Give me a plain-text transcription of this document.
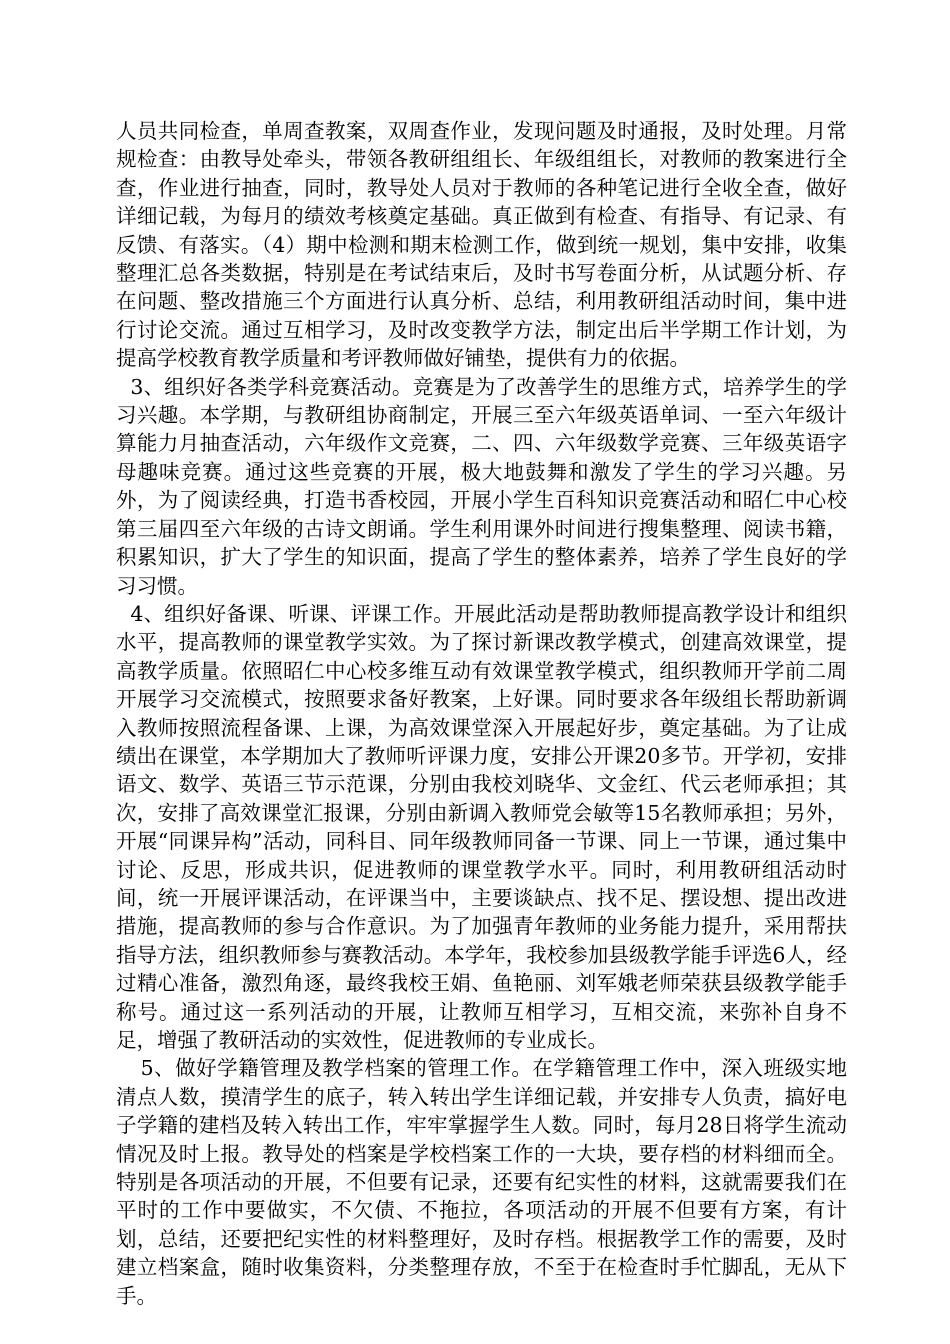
人员共同检查，单周查教案，双周查作业，发现问题及时通报，及时处理。月常规检查：由教导处牵头，带领各教研组组长、年级组组长，对教师的教案进行全查，作业进行抽查，同时，教导处人员对于教师的各种笔记进行全收全查，做好详细记载，为每月的绩效考核奠定基础。真正做到有检查、有指导、有记录、有反馈、有落实。（4）期中检测和期末检测工作，做到统一规划，集中安排，收集整理汇总各类数据，特别是在考试结束后，及时书写卷面分析，从试题分析、存在问题、整改措施三个方面进行认真分析、总结，利用教研组活动时间，集中进行讨论交流。通过互相学习，及时改变教学方法，制定出后半学期工作计划，为提高学校教育教学质量和考评教师做好铺垫，提供有力的依据。

3、组织好各类学科竞赛活动。竞赛是为了改善学生的思维方式，培养学生的学习兴趣。本学期，与教研组协商制定，开展三至六年级英语单词、一至六年级计算能力月抽查活动，六年级作文竞赛，二、四、六年级数学竞赛、三年级英语字母趣味竞赛。通过这些竞赛的开展，极大地鼓舞和激发了学生的学习兴趣。另外，为了阅读经典，打造书香校园，开展小学生百科知识竞赛活动和昭仁中心校第三届四至六年级的古诗文朗诵。学生利用课外时间进行搜集整理、阅读书籍，积累知识，扩大了学生的知识面，提高了学生的整体素养，培养了学生良好的学习习惯。

4、组织好备课、听课、评课工作。开展此活动是帮助教师提高教学设计和组织水平，提高教师的课堂教学实效。为了探讨新课改教学模式，创建高效课堂，提高教学质量。依照昭仁中心校多维互动有效课堂教学模式，组织教师开学前二周开展学习交流模式，按照要求备好教案，上好课。同时要求各年级组长帮助新调入教师按照流程备课、上课，为高效课堂深入开展起好步，奠定基础。为了让成绩出在课堂，本学期加大了教师听评课力度，安排公开课20多节。开学初，安排语文、数学、英语三节示范课，分别由我校刘晓华、文金红、代云老师承担；其次，安排了高效课堂汇报课，分别由新调入教师党会敏等15名教师承担；另外，开展“同课异构”活动，同科目、同年级教师同备一节课、同上一节课，通过集中讨论、反思，形成共识，促进教师的课堂教学水平。同时，利用教研组活动时间，统一开展评课活动，在评课当中，主要谈缺点、找不足、摆设想、提出改进措施，提高教师的参与合作意识。为了加强青年教师的业务能力提升，采用帮扶指导方法，组织教师参与赛教活动。本学年，我校参加县级教学能手评选6人，经过精心准备，激烈角逐，最终我校王娟、鱼艳丽、刘军娥老师荣获县级教学能手称号。通过这一系列活动的开展，让教师互相学习，互相交流，来弥补自身不足，增强了教研活动的实效性，促进教师的专业成长。

5、做好学籍管理及教学档案的管理工作。在学籍管理工作中，深入班级实地清点人数，摸清学生的底子，转入转出学生详细记载，并安排专人负责，搞好电子学籍的建档及转入转出工作，牢牢掌握学生人数。同时，每月28日将学生流动情况及时上报。教导处的档案是学校档案工作的一大块，要存档的材料细而全。特别是各项活动的开展，不但要有记录，还要有纪实性的材料，这就需要我们在平时的工作中要做实，不欠债、不拖拉，各项活动的开展不但要有方案，有计划，总结，还要把纪实性的材料整理好，及时存档。根据教学工作的需要，及时建立档案盒，随时收集资料，分类整理存放，不至于在检查时手忙脚乱，无从下手。
